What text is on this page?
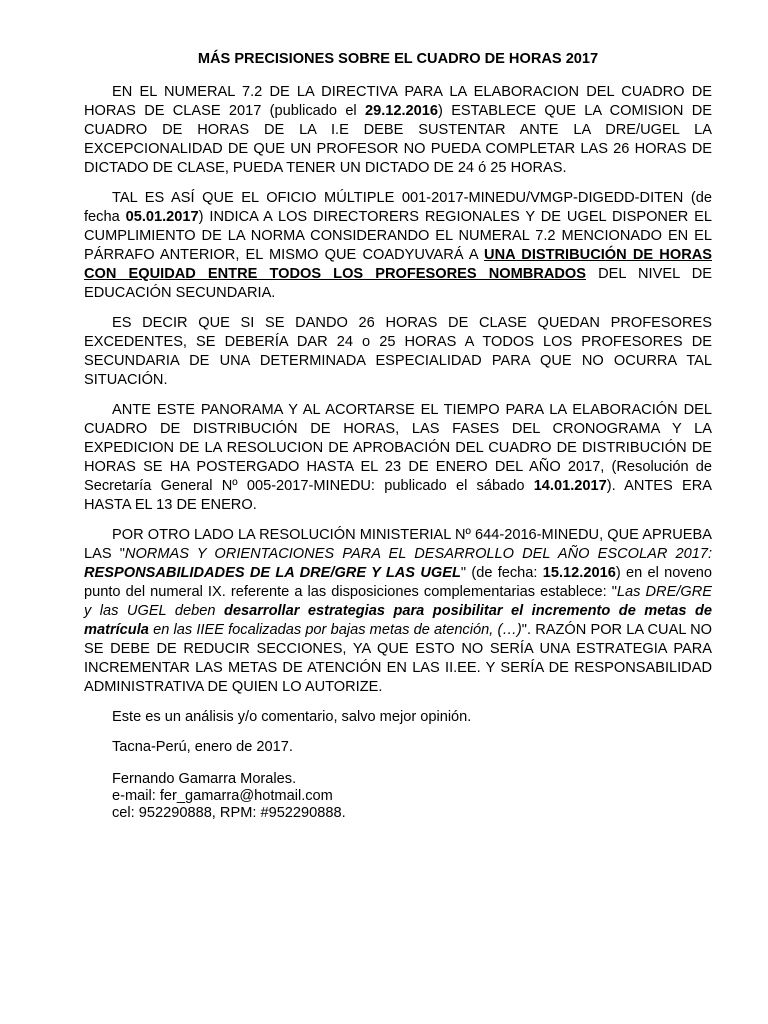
MÁS PRECISIONES SOBRE EL CUADRO DE HORAS 2017

EN EL NUMERAL 7.2 DE LA DIRECTIVA PARA LA ELABORACION DEL CUADRO DE HORAS DE CLASE 2017 (publicado el 29.12.2016) ESTABLECE QUE LA COMISION DE CUADRO DE HORAS DE LA I.E DEBE SUSTENTAR ANTE LA DRE/UGEL LA EXCEPCIONALIDAD DE QUE UN PROFESOR NO PUEDA COMPLETAR LAS 26 HORAS DE DICTADO DE CLASE, PUEDA TENER UN DICTADO DE 24 ó 25 HORAS.

TAL ES ASÍ QUE EL OFICIO MÚLTIPLE 001-2017-MINEDU/VMGP-DIGEDD-DITEN (de fecha 05.01.2017) INDICA A LOS DIRECTORERS REGIONALES Y DE UGEL DISPONER EL CUMPLIMIENTO DE LA NORMA CONSIDERANDO EL NUMERAL 7.2 MENCIONADO EN EL PÁRRAFO ANTERIOR, EL MISMO QUE COADYUVARÁ A UNA DISTRIBUCIÓN DE HORAS CON EQUIDAD ENTRE TODOS LOS PROFESORES NOMBRADOS DEL NIVEL DE EDUCACIÓN SECUNDARIA.

ES DECIR QUE SI SE DANDO 26 HORAS DE CLASE QUEDAN PROFESORES EXCEDENTES, SE DEBERÍA DAR 24 o 25 HORAS A TODOS LOS PROFESORES DE SECUNDARIA DE UNA DETERMINADA ESPECIALIDAD PARA QUE NO OCURRA TAL SITUACIÓN.

ANTE ESTE PANORAMA Y AL ACORTARSE EL TIEMPO PARA LA ELABORACIÓN DEL CUADRO DE DISTRIBUCIÓN DE HORAS, LAS FASES DEL CRONOGRAMA Y LA EXPEDICION DE LA RESOLUCION DE APROBACIÓN DEL CUADRO DE DISTRIBUCIÓN DE HORAS SE HA POSTERGADO HASTA EL 23 DE ENERO DEL AÑO 2017, (Resolución de Secretaría General Nº 005-2017-MINEDU: publicado el sábado 14.01.2017). ANTES ERA HASTA EL 13 DE ENERO.

POR OTRO LADO LA RESOLUCIÓN MINISTERIAL Nº 644-2016-MINEDU, QUE APRUEBA LAS "NORMAS Y ORIENTACIONES PARA EL DESARROLLO DEL AÑO ESCOLAR 2017: RESPONSABILIDADES DE LA DRE/GRE Y LAS UGEL" (de fecha: 15.12.2016) en el noveno punto del numeral IX. referente a las disposiciones complementarias establece: "Las DRE/GRE y las UGEL deben desarrollar estrategias para posibilitar el incremento de metas de matrícula en las IIEE focalizadas por bajas metas de atención, (…)". RAZÓN POR LA CUAL NO SE DEBE DE REDUCIR SECCIONES, YA QUE ESTO NO SERÍA UNA ESTRATEGIA PARA INCREMENTAR LAS METAS DE ATENCIÓN EN LAS II.EE. Y SERÍA DE RESPONSABILIDAD ADMINISTRATIVA DE QUIEN LO AUTORIZE.

Este es un análisis y/o comentario, salvo mejor opinión.

Tacna-Perú, enero de 2017.

Fernando Gamarra Morales.
e-mail: fer_gamarra@hotmail.com
cel: 952290888, RPM: #952290888.
